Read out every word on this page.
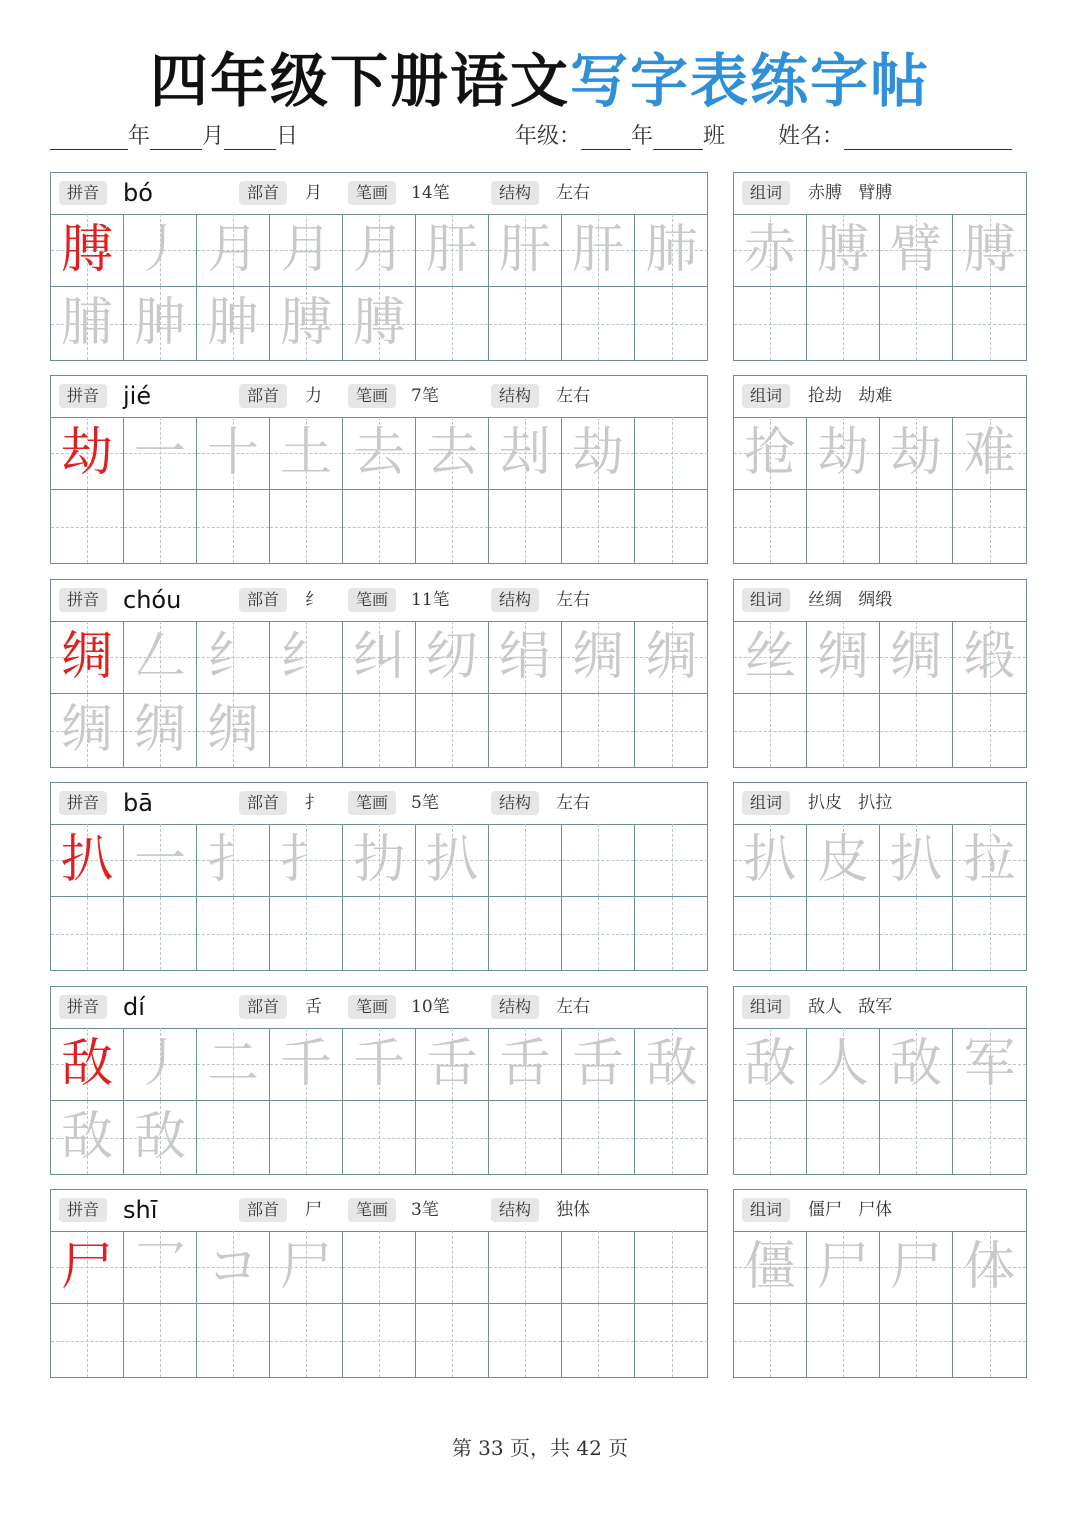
四年级下册语文写字表练字帖
年 月 日	年级： 年 班 姓名：
拼音 bó	部首	月	笔画	14笔	结构	左右
膊 丿 月 月 月 肝 肝 肝 肺
脯 胂 胂 膊 膊
组词	赤膊   臂膊
赤 膊 臂 膊
拼音 jié	部首	力	笔画	7笔	结构	左右
劫 一 十 土 去 去 刦 劫
组词	抢劫   劫难
抢 劫 劫 难
拼音 chóu	部首	纟	笔画	11笔	结构	左右
绸 𠃋 纟 纟 纠 纫 绢 绸 绸
绸 绸 绸
组词	丝绸   绸缎
丝 绸 绸 缎
拼音 bā	部首	扌	笔画	5笔	结构	左右
扒 一 扌 扌 扐 扒
组词	扒皮   扒拉
扒 皮 扒 拉
拼音 dí	部首	舌	笔画	10笔	结构	左右
敌 丿 二 千 千 舌 舌 舌 敌
敌 敌
组词	敌人   敌军
敌 人 敌 军
拼音 shī	部首	尸	笔画	3笔	结构	独体
尸 乛 コ 尸
组词	僵尸   尸体
僵 尸 尸 体
第 33 页，共 42 页
